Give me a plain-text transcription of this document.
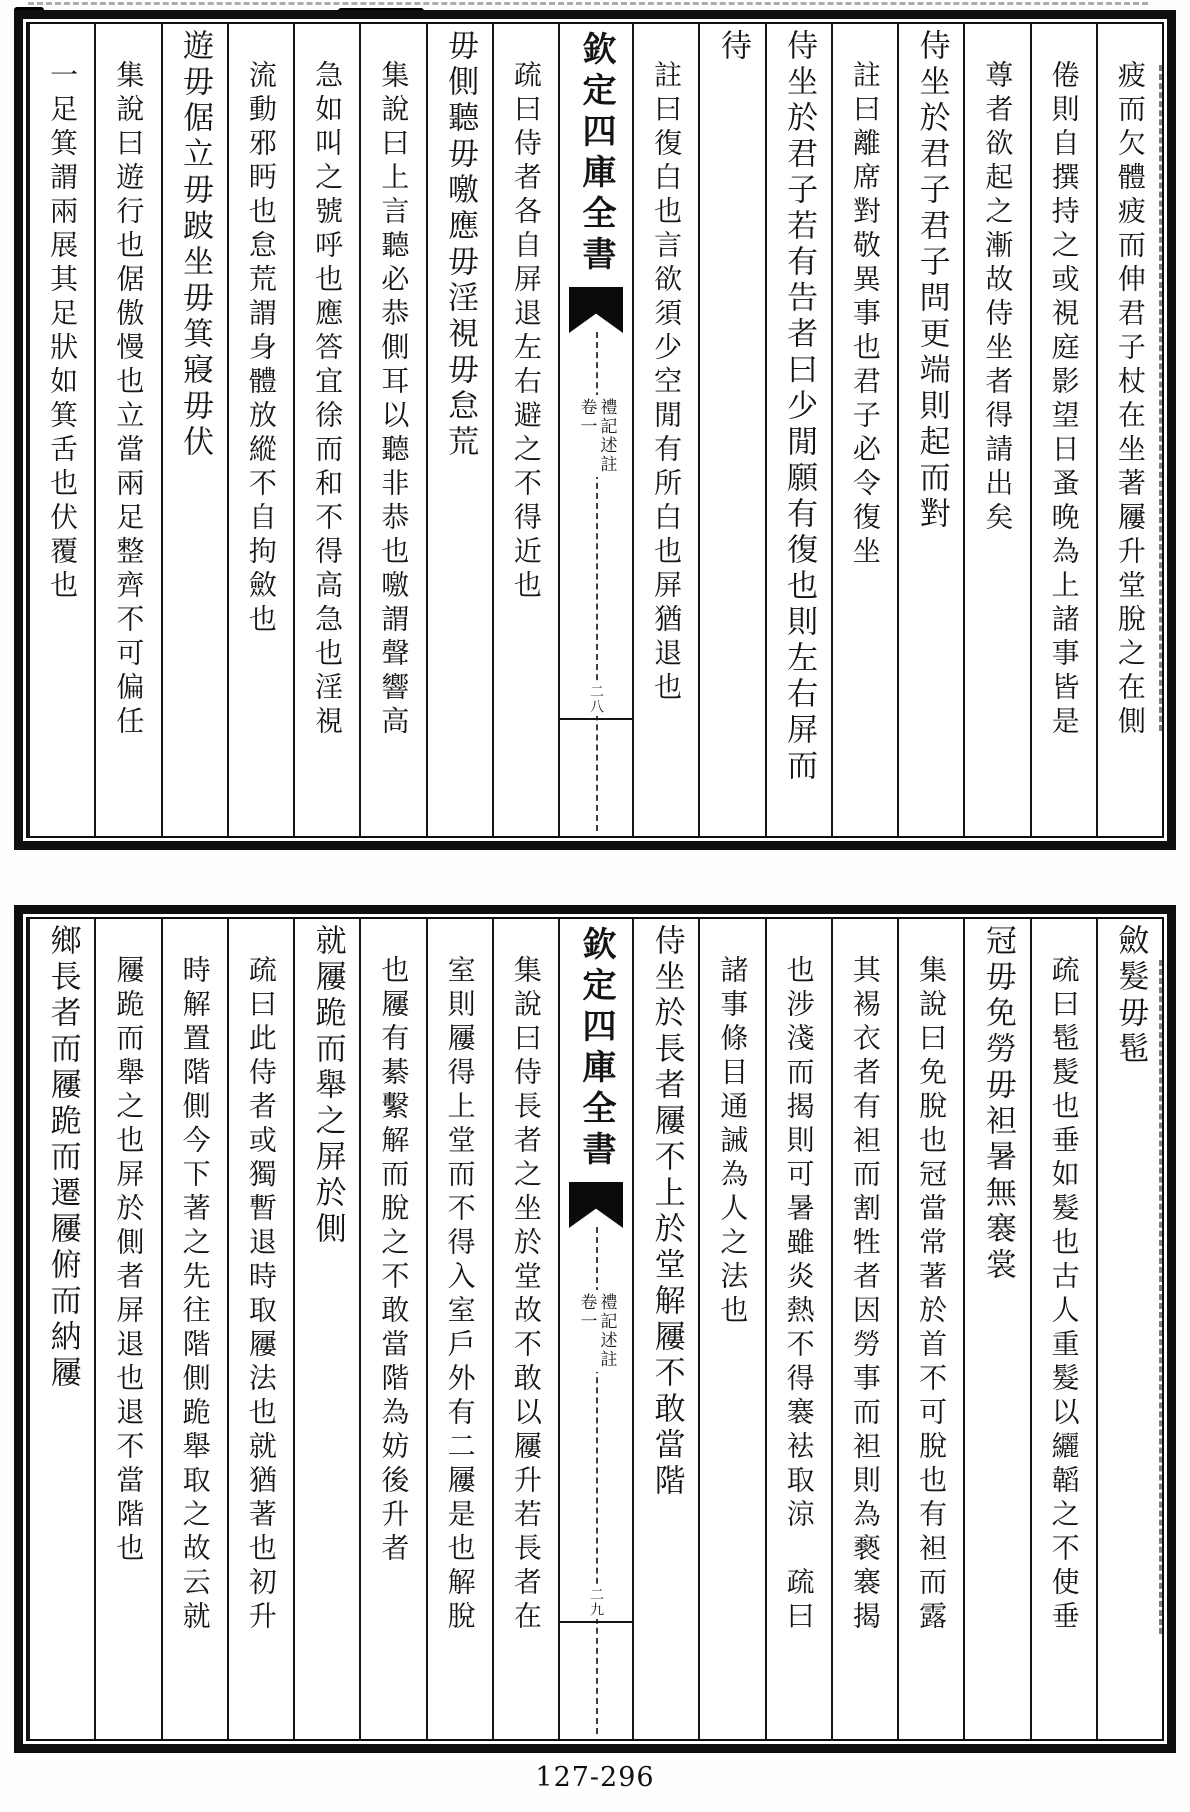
疲而欠體疲而伸君子杖在坐著屨升堂脫之在側
倦則自撰持之或視庭影望日蚤晚為上諸事皆是
尊者欲起之漸故侍坐者得請出矣
侍坐於君子君子問更端則起而對
註曰離席對敬異事也君子必令復坐
侍坐於君子若有告者曰少閒願有復也則左右屏而
待
註曰復白也言欲須少空閒有所白也屏猶退也
欽定四庫全書
禮記述註
卷一
二八
疏曰侍者各自屏退左右避之不得近也
毋側聽毋噭應毋淫視毋怠荒
集說曰上言聽必恭側耳以聽非恭也噭謂聲響高
急如叫之號呼也應答宜徐而和不得高急也淫視
流動邪眄也怠荒謂身體放縱不自拘斂也
遊毋倨立毋跛坐毋箕寢毋伏
集說曰遊行也倨傲慢也立當兩足整齊不可偏任
一足箕謂兩展其足狀如箕舌也伏覆也
斂髮毋髢
疏曰髢髲也垂如髮也古人重髮以纚韜之不使垂
冠毋免勞毋袒暑無褰裳
集說曰免脫也冠當常著於首不可脫也有袒而露
其裼衣者有袒而割牲者因勞事而袒則為褻褰揭
也涉淺而揭則可暑雖炎熱不得褰袪取涼　疏曰
諸事條目通誡為人之法也
侍坐於長者屨不上於堂解屨不敢當階
欽定四庫全書
禮記述註
卷一
二九
集說曰侍長者之坐於堂故不敢以屨升若長者在
室則屨得上堂而不得入室戶外有二屨是也解脫
也屨有綦繫解而脫之不敢當階為妨後升者
就屨跪而舉之屏於側
疏曰此侍者或獨暫退時取屨法也就猶著也初升
時解置階側今下著之先往階側跪舉取之故云就
屨跪而舉之也屏於側者屏退也退不當階也
鄉長者而屨跪而遷屨俯而納屨
127-296
